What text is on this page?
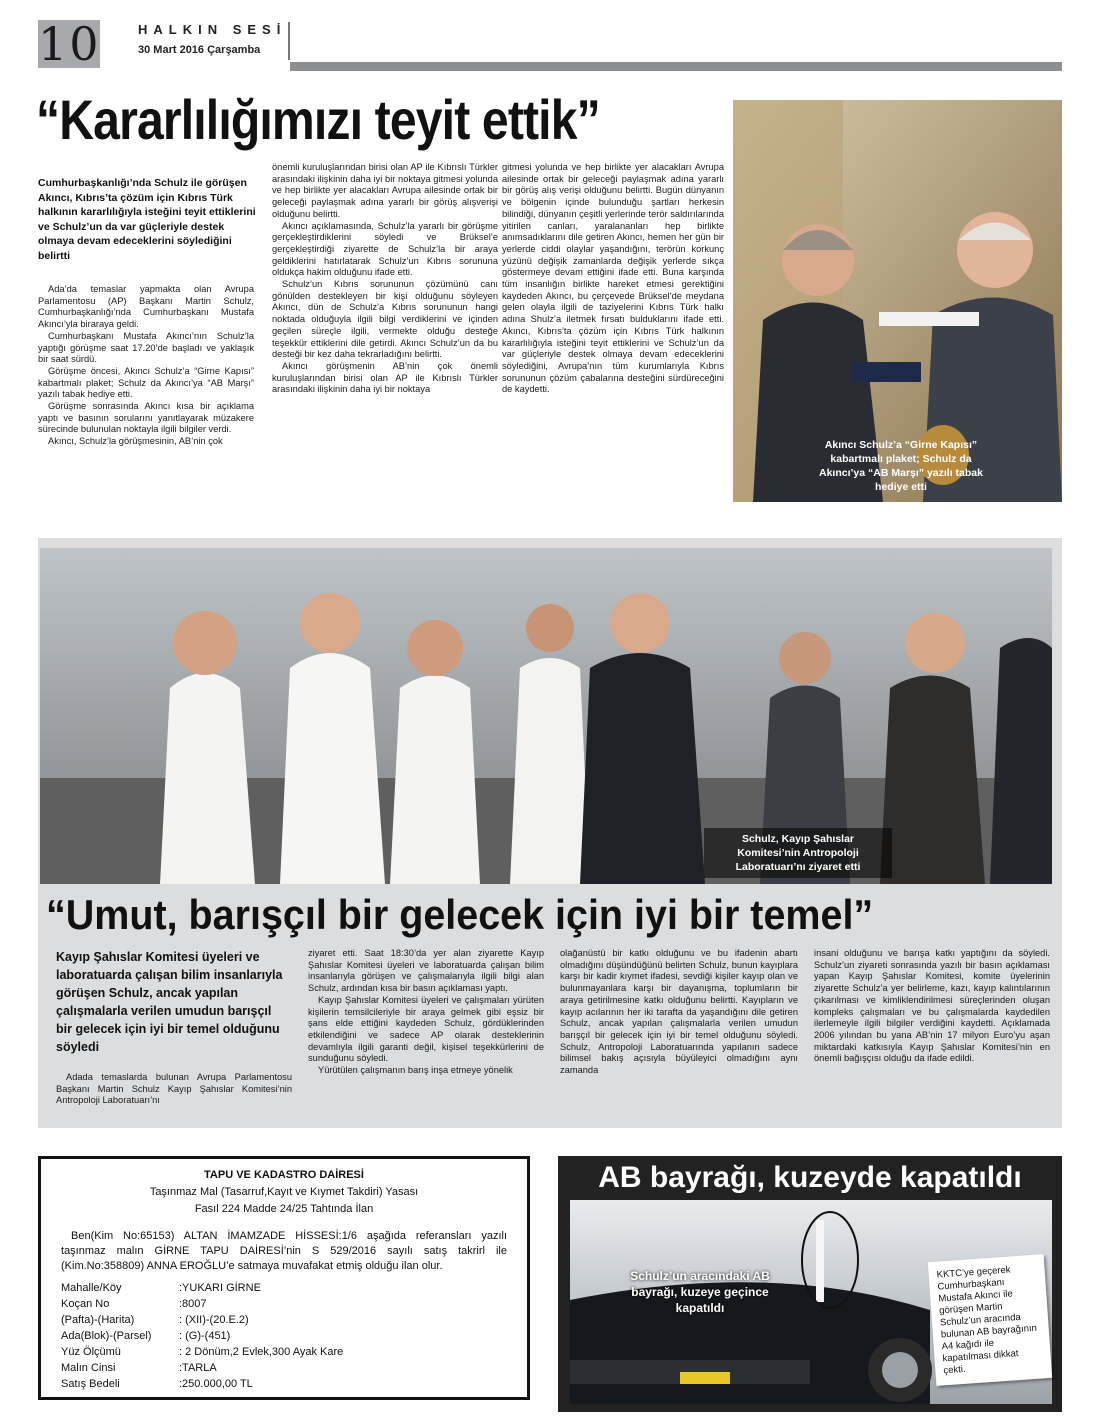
10	HALKIN SESİ
30 Mart 2016 Çarşamba
“Kararlılığımızı teyit ettik”
Cumhurbaşkanlığı’nda Schulz ile görüşen Akıncı, Kıbrıs’ta çözüm için Kıbrıs Türk halkının kararlılığıyla isteğini teyit ettiklerini ve Schulz’un da var güçleriyle destek olmaya devam edeceklerini söylediğini belirtti

Ada’da temaslar yapmakta olan Avrupa Parlamentosu (AP) Başkanı Martin Schulz, Cumhurbaşkanlığı’nda Cumhurbaşkanı Mustafa Akıncı’yla biraraya geldi.

Cumhurbaşkanı Mustafa Akıncı’nın Schulz’la yaptığı görüşme saat 17.20’de başladı ve yaklaşık bir saat sürdü.

Görüşme öncesi, Akıncı Schulz’a “Girne Kapısı” kabartmalı plaket; Schulz da Akıncı’ya “AB Marşı” yazılı tabak hediye etti.

Görüşme sonrasında Akıncı kısa bir açıklama yaptı ve basının sorularını yanıtlayarak müzakere sürecinde bulunulan noktayla ilgili bilgiler verdi.

Akıncı, Schulz’la görüşmesinin, AB’nin çok

önemli kuruluşlarından birisi olan AP ile Kıbrıslı Türkler arasındaki ilişkinin daha iyi bir noktaya gitmesi yolunda ve hep birlikte yer alacakları Avrupa ailesinde ortak bir geleceği paylaşmak adına yararlı bir görüş alışverişi olduğunu belirtti.

Akıncı açıklamasında, Schulz’la yararlı bir görüşme gerçekleştirdiklerini söyledi ve Brüksel’e gerçekleştirdiği ziyarette de Schulz’la bir araya geldiklerini hatırlatarak Schulz’un Kıbrıs sorununa oldukça hakim olduğunu ifade etti.

Schulz’un Kıbrıs sorununun çözümünü canı gönülden destekleyen bir kişi olduğunu söyleyen Akıncı, dün de Schulz’a Kıbrıs sorununun hangi noktada olduğuyla ilgili bilgi verdiklerini ve içinden geçilen süreçle ilgili, vermekte olduğu desteğe teşekkür ettiklerini dile getirdi. Akıncı Schulz’un da bu desteği bir kez daha tekrarladığını belirtti.

Akıncı görüşmenin AB’nin çok önemli kuruluşlarından birisi olan AP ile Kıbrıslı Türkler arasındaki ilişkinin daha iyi bir noktaya

gitmesi yolunda ve hep birlikte yer alacakları Avrupa ailesinde ortak bir geleceği paylaşmak adına yararlı bir görüş alış verişi olduğunu belirtti. Bugün dünyanın ve bölgenin içinde bulunduğu şartları herkesin bilindiği, dünyanın çeşitli yerlerinde terör saldırılarında yitirilen canları, yaralananları hep birlikte anımsadıklarını dile getiren Akıncı, hemen her gün bir yerlerde ciddi olaylar yaşandığını, terörün korkunç yüzünü değişik zamanlarda değişik yerlerde sıkça göstermeye devam ettiğini ifade etti. Buna karşında tüm insanlığın birlikte hareket etmesi gerektiğini kaydeden Akıncı, bu çerçevede Brüksel’de meydana gelen olayla ilgili de taziyelerini Kıbrıs Türk halkı adına Shulz’a iletmek fırsatı bulduklarını ifade etti. Akıncı, Kıbrıs’ta çözüm için Kıbrıs Türk halkının kararlılığıyla isteğini teyit ettiklerini ve Schulz’un da var güçleriyle destek olmaya devam edeceklerini söylediğini, Avrupa’nın tüm kurumlarıyla Kıbrıs sorununun çözüm çabalarına desteğini sürdüreceğini de kaydetti.

Akıncı Schulz’a “Girne Kapısı” kabartmalı plaket; Schulz da Akıncı’ya “AB Marşı” yazılı tabak hediye etti
Schulz, Kayıp Şahıslar Komitesi’nin Antropoloji Laboratuarı’nı ziyaret etti
“Umut, barışçıl bir gelecek için iyi bir temel”
Kayıp Şahıslar Komitesi üyeleri ve laboratuarda çalışan bilim insanlarıyla görüşen Schulz, ancak yapılan çalışmalarla verilen umudun barışçıl bir gelecek için iyi bir temel olduğunu söyledi

Adada temaslarda bulunan Avrupa Parlamentosu Başkanı Martin Schulz Kayıp Şahıslar Komitesi’nin Antropoloji Laboratuarı’nı

ziyaret etti. Saat 18:30’da yer alan ziyarette Kayıp Şahıslar Komitesi üyeleri ve laboratuarda çalışan bilim insanlarıyla görüşen ve çalışmalarıyla ilgili bilgi alan Schulz, ardından kısa bir basın açıklaması yaptı.

Kayıp Şahıslar Komitesi üyeleri ve çalışmaları yürüten kişilerin temsilcileriyle bir araya gelmek gibi eşsiz bir şans elde ettiğini kaydeden Schulz, gördüklerinden etkilendiğini ve sadece AP olarak desteklerinin devamlıyla ilgili garanti değil, kişisel teşekkürlerini de sunduğunu söyledi.

Yürütülen çalışmanın barış inşa etmeye yönelik

olağanüstü bir katkı olduğunu ve bu ifadenin abartı olmadığını düşündüğünü belirten Schulz, bunun kayıplara karşı bir kadir kıymet ifadesi, sevdiği kişiler kayıp olan ve bulunmayanlara karşı bir dayanışma, toplumların bir araya getirilmesine katkı olduğunu belirtti. Kayıpların ve kayıp acılarının her iki tarafta da yaşandığını dile getiren Schulz, ancak yapılan çalışmalarla verilen umudun barışçıl bir gelecek için iyi bir temel olduğunu söyledi. Schulz, Antropoloji Laboratuarında yapılanın sadece bilimsel bakış açısıyla büyüleyici olmadığını aynı zamanda

insani olduğunu ve barışa katkı yaptığını da söyledi. Schulz’un ziyareti sonrasında yazılı bir basın açıklaması yapan Kayıp Şahıslar Komitesi, komite üyelerinin ziyarette Schulz’a yer belirleme, kazı, kayıp kalıntılarının çıkarılması ve kimliklendirilmesi süreçlerinden oluşan kompleks çalışmaları ve bu çalışmalarda kaydedilen ilerlemeyle ilgili bilgiler verdiğini kaydetti. Açıklamada 2006 yılından bu yana AB’nin 17 milyon Euro’yu aşan miktardaki katkısıyla Kayıp Şahıslar Komitesi’nin en önemli bağışçısı olduğu da ifade edildi.

TAPU VE KADASTRO DAİRESİ
Taşınmaz Mal (Tasarruf,Kayıt ve Kıymet Takdiri) Yasası
Fasıl 224 Madde 24/25 Tahtında İlan
Ben(Kim No:65153) ALTAN İMAMZADE HİSSESİ:1/6 aşağıda referansları yazılı taşınmaz malın GİRNE TAPU DAİRESİ’nin S 529/2016 sayılı satış takrirl ile (Kim.No:358809) ANNA EROĞLU’e satmaya muvafakat etmiş olduğu ilan olur.
Mahalle/Köy	:YUKARI GİRNE
Koçan No	:8007
(Pafta)-(Harita)	: (XII)-(20.E.2)
Ada(Blok)-(Parsel)	: (G)-(451)
Yüz Ölçümü	: 2 Dönüm,2 Evlek,300 Ayak Kare
Malın Cinsi	:TARLA
Satış Bedeli	:250.000,00 TL
AB bayrağı, kuzeyde kapatıldı
Schulz’un aracındaki AB bayrağı, kuzeye geçince kapatıldı
KKTC’ye geçerek Cumhurbaşkanı Mustafa Akıncı ile görüşen Martin Schulz’un aracında bulunan AB bayrağının A4 kağıdı ile kapatılması dikkat çekti.
